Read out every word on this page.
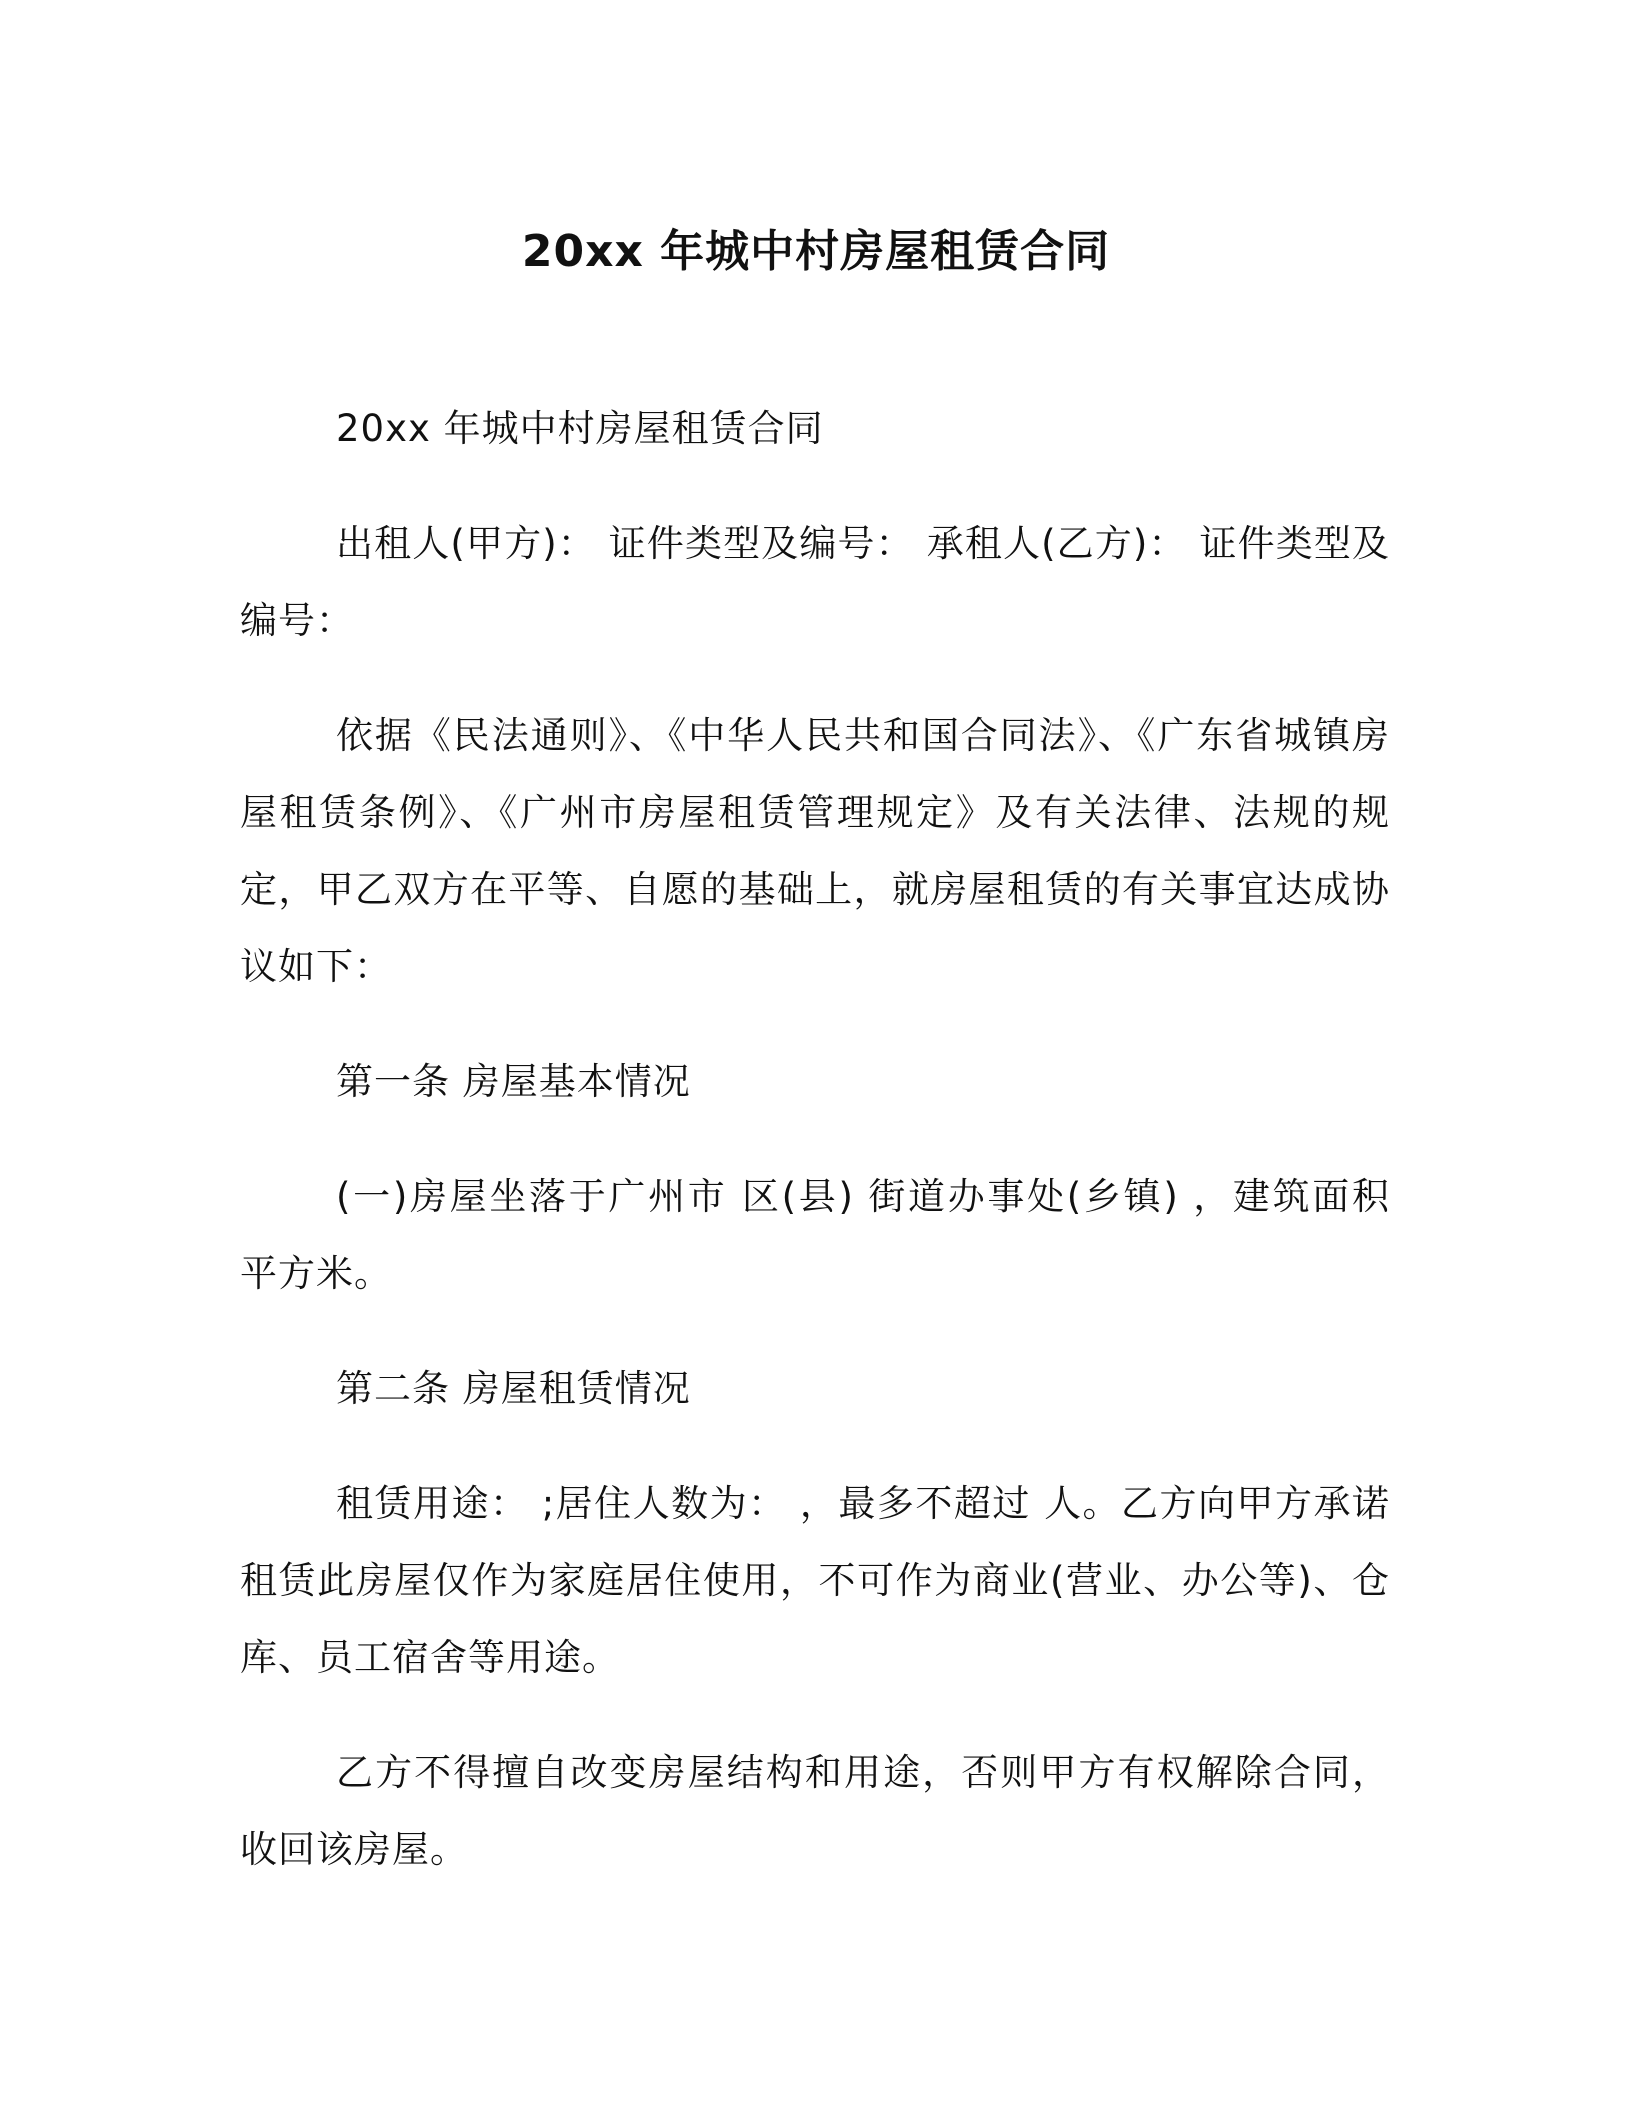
20xx 年城中村房屋租赁合同

20xx 年城中村房屋租赁合同

出租人(甲方)： 证件类型及编号： 承租人(乙方)： 证件类型及编号：

依据《民法通则》、《中华人民共和国合同法》、《广东省城镇房屋租赁条例》、《广州市房屋租赁管理规定》及有关法律、法规的规定，甲乙双方在平等、自愿的基础上，就房屋租赁的有关事宜达成协议如下：

第一条 房屋基本情况

(一)房屋坐落于广州市 区(县) 街道办事处(乡镇) ，建筑面积 平方米。

第二条 房屋租赁情况

租赁用途： ;居住人数为： ，最多不超过 人。乙方向甲方承诺租赁此房屋仅作为家庭居住使用，不可作为商业(营业、办公等)、仓库、员工宿舍等用途。

乙方不得擅自改变房屋结构和用途，否则甲方有权解除合同，收回该房屋。
